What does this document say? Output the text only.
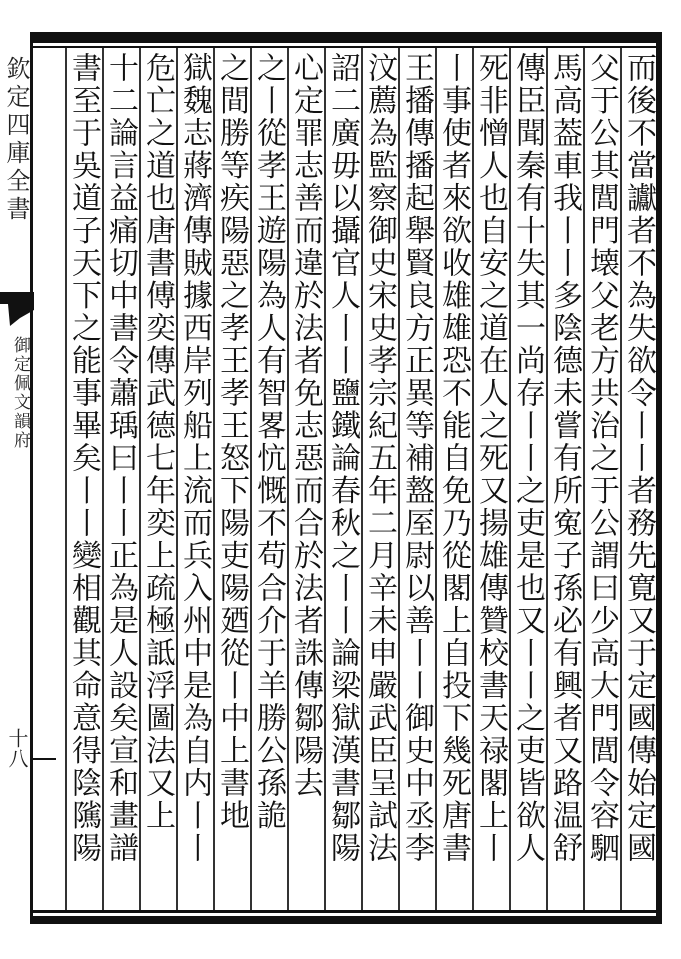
欽定四庫全書
御定佩文韻府
十八	而後不當讞者不為失欲令丨丨者務先寛又于定國傳始定國
父于公其閭門壊父老方共治之于公謂曰少高大門閭令容駟
馬高葢車我丨丨多陰德未嘗有所寃子孫必有興者又路温舒
傳臣聞秦有十失其一尚存丨丨之吏是也又丨丨之吏皆欲人
死非憎人也自安之道在人之死又揚雄傳贊校書天禄閣上丨
丨事使者來欲收雄雄恐不能自免乃從閣上自投下幾死唐書
王播傳播起舉賢良方正異等補盩厔尉以善丨丨御史中丞李
汶薦為監察御史宋史孝宗紀五年二月辛未申嚴武臣呈試法
詔二廣毋以攝官人丨丨鹽鐵論春秋之丨丨論梁獄漢書鄒陽
心定罪志善而違於法者免志惡而合於法者誅傳鄒陽去
之丨從孝王遊陽為人有智畧忼慨不苟合介于羊勝公孫詭
之間勝等疾陽惡之孝王孝王怒下陽吏陽廼從丨中上書地
獄魏志蔣濟傳賊據西岸列船上流而兵入州中是為自内丨丨
危亡之道也唐書傅奕傳武德七年奕上疏極詆浮圖法又上
十二論言益痛切中書令蕭瑀曰丨丨正為是人設矣宣和畫譜
書至于吳道子天下之能事畢矣丨丨變相觀其命意得陰隲陽
